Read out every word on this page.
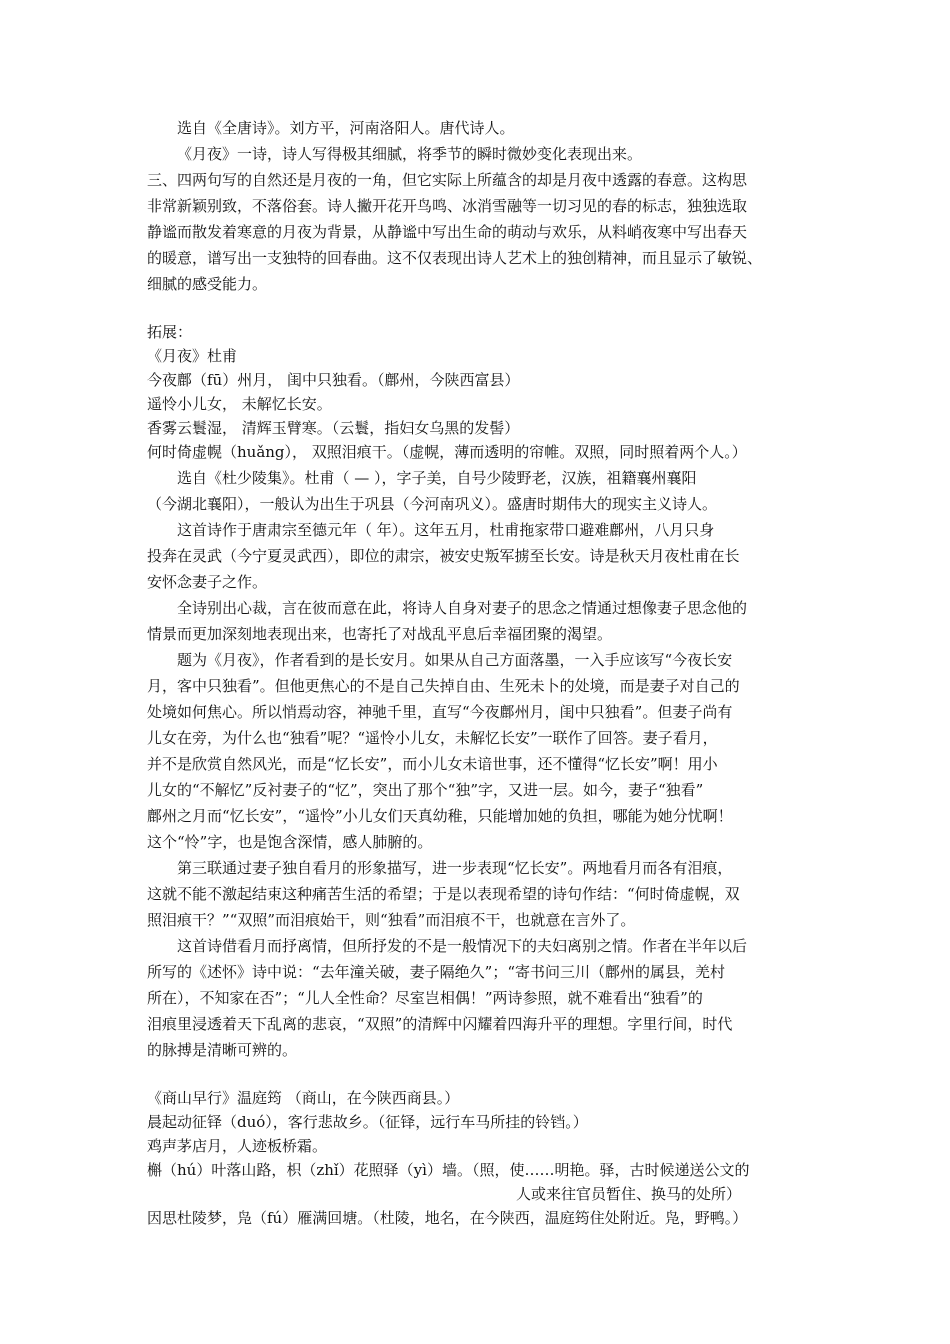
选自《全唐诗》。刘方平，河南洛阳人。唐代诗人。
《月夜》一诗，诗人写得极其细腻，将季节的瞬时微妙变化表现出来。
三、四两句写的自然还是月夜的一角，但它实际上所蕴含的却是月夜中透露的春意。这构思
非常新颖别致，不落俗套。诗人撇开花开鸟鸣、冰消雪融等一切习见的春的标志，独独选取
静谧而散发着寒意的月夜为背景，从静谧中写出生命的萌动与欢乐，从料峭夜寒中写出春天
的暖意，谱写出一支独特的回春曲。这不仅表现出诗人艺术上的独创精神，而且显示了敏锐、
细腻的感受能力。
拓展：
《月夜》杜甫
今夜鄜（fū）州月， 闺中只独看。（鄜州，今陕西富县）
遥怜小儿女， 未解忆长安。
香雾云鬟湿， 清辉玉臂寒。（云鬟，指妇女乌黑的发髻）
何时倚虚幌（huǎng）， 双照泪痕干。（虚幌，薄而透明的帘帷。双照，同时照着两个人。）
选自《杜少陵集》。杜甫（ — ），字子美，自号少陵野老，汉族，祖籍襄州襄阳
（今湖北襄阳），一般认为出生于巩县（今河南巩义）。盛唐时期伟大的现实主义诗人。
这首诗作于唐肃宗至德元年（ 年）。这年五月，杜甫拖家带口避难鄜州，八月只身
投奔在灵武（今宁夏灵武西），即位的肃宗，被安史叛军掳至长安。诗是秋天月夜杜甫在长
安怀念妻子之作。
全诗别出心裁，言在彼而意在此，将诗人自身对妻子的思念之情通过想像妻子思念他的
情景而更加深刻地表现出来，也寄托了对战乱平息后幸福团聚的渴望。
题为《月夜》，作者看到的是长安月。如果从自己方面落墨，一入手应该写“今夜长安
月，客中只独看”。但他更焦心的不是自己失掉自由、生死未卜的处境，而是妻子对自己的
处境如何焦心。所以悄焉动容，神驰千里，直写“今夜鄜州月，闺中只独看”。但妻子尚有
儿女在旁，为什么也“独看”呢？“遥怜小儿女，未解忆长安”一联作了回答。妻子看月，
并不是欣赏自然风光，而是“忆长安”，而小儿女未谙世事，还不懂得“忆长安”啊！用小
儿女的“不解忆”反衬妻子的“忆”，突出了那个“独”字，又进一层。如今，妻子“独看”
鄜州之月而“忆长安”，“遥怜”小儿女们天真幼稚，只能增加她的负担，哪能为她分忧啊！
这个“怜”字，也是饱含深情，感人肺腑的。
第三联通过妻子独自看月的形象描写，进一步表现“忆长安”。两地看月而各有泪痕，
这就不能不激起结束这种痛苦生活的希望；于是以表现希望的诗句作结：“何时倚虚幌，双
照泪痕干？”“双照”而泪痕始干，则“独看”而泪痕不干，也就意在言外了。
这首诗借看月而抒离情，但所抒发的不是一般情况下的夫妇离别之情。作者在半年以后
所写的《述怀》诗中说：“去年潼关破，妻子隔绝久”；“寄书问三川（鄜州的属县，羌村
所在），不知家在否”；“儿人全性命？尽室岂相偶！”两诗参照，就不难看出“独看”的
泪痕里浸透着天下乱离的悲哀，“双照”的清辉中闪耀着四海升平的理想。字里行间，时代
的脉搏是清晰可辨的。
《商山早行》温庭筠 （商山，在今陕西商县。）
晨起动征铎（duó），客行悲故乡。（征铎，远行车马所挂的铃铛。）
鸡声茅店月，人迹板桥霜。
槲（hú）叶落山路，枳（zhǐ）花照驿（yì）墙。（照，使……明艳。驿，古时候递送公文的
人或来往官员暂住、换马的处所）
因思杜陵梦，凫（fú）雁满回塘。（杜陵，地名，在今陕西，温庭筠住处附近。凫，野鸭。）
